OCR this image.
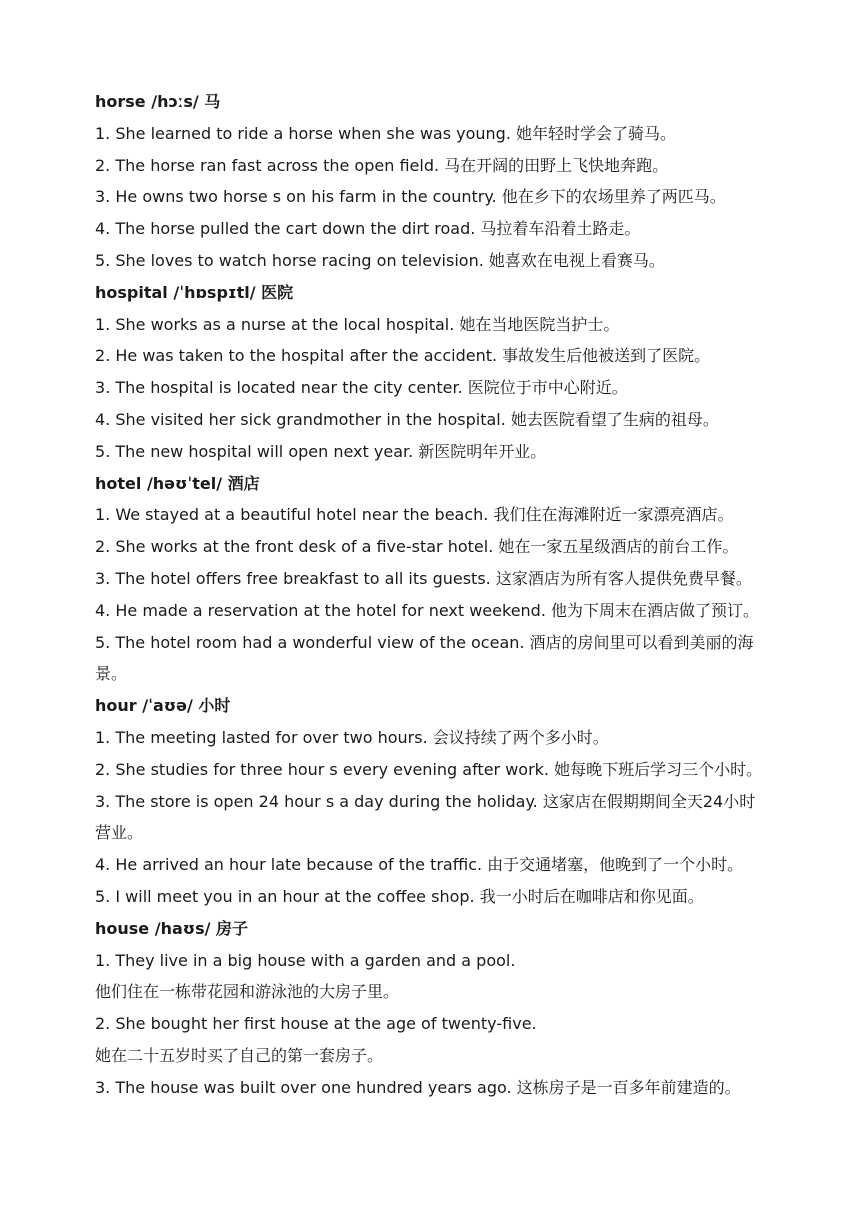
horse /hɔːs/ 马
1. She learned to ride a horse when she was young. 她年轻时学会了骑马。
2. The horse ran fast across the open field. 马在开阔的田野上飞快地奔跑。
3. He owns two horse s on his farm in the country. 他在乡下的农场里养了两匹马。
4. The horse pulled the cart down the dirt road. 马拉着车沿着土路走。
5. She loves to watch horse racing on television. 她喜欢在电视上看赛马。
hospital /ˈhɒspɪtl/ 医院
1. She works as a nurse at the local hospital. 她在当地医院当护士。
2. He was taken to the hospital after the accident. 事故发生后他被送到了医院。
3. The hospital is located near the city center. 医院位于市中心附近。
4. She visited her sick grandmother in the hospital. 她去医院看望了生病的祖母。
5. The new hospital will open next year. 新医院明年开业。
hotel /həʊˈtel/ 酒店
1. We stayed at a beautiful hotel near the beach. 我们住在海滩附近一家漂亮酒店。
2. She works at the front desk of a five-star hotel. 她在一家五星级酒店的前台工作。
3. The hotel offers free breakfast to all its guests. 这家酒店为所有客人提供免费早餐。
4. He made a reservation at the hotel for next weekend. 他为下周末在酒店做了预订。
5. The hotel room had a wonderful view of the ocean. 酒店的房间里可以看到美丽的海
景。
hour /ˈaʊə/ 小时
1. The meeting lasted for over two hours. 会议持续了两个多小时。
2. She studies for three hour s every evening after work. 她每晚下班后学习三个小时。
3. The store is open 24 hour s a day during the holiday. 这家店在假期期间全天24小时
营业。
4. He arrived an hour late because of the traffic. 由于交通堵塞，他晚到了一个小时。
5. I will meet you in an hour at the coffee shop. 我一小时后在咖啡店和你见面。
house /haʊs/ 房子
1. They live in a big house with a garden and a pool.
他们住在一栋带花园和游泳池的大房子里。
2. She bought her first house at the age of twenty-five.
她在二十五岁时买了自己的第一套房子。
3. The house was built over one hundred years ago. 这栋房子是一百多年前建造的。
